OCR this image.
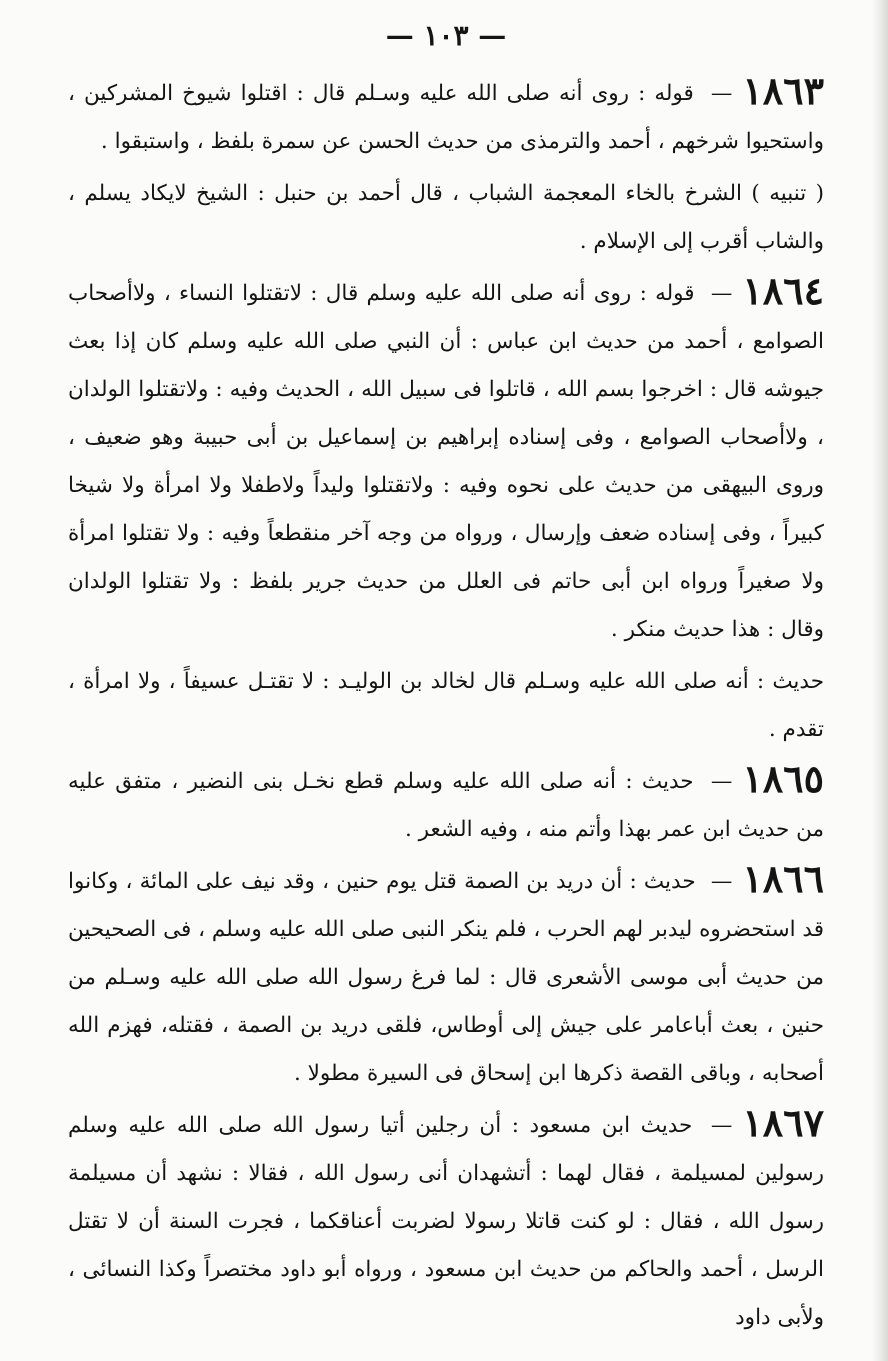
— ١٠٣ —

١٨٦٣— قوله : روى أنه صلى الله عليه وسـلم قال : اقتلوا شيوخ المشركين ، واستحيوا شرخهم ، أحمد والترمذى من حديث الحسن عن سمرة بلفظ ، واستبقوا .

( تنبيه ) الشرخ بالخاء المعجمة الشباب ، قال أحمد بن حنبل : الشيخ لايكاد يسلم ، والشاب أقرب إلى الإسلام .

١٨٦٤— قوله : روى أنه صلى الله عليه وسلم قال : لاتقتلوا النساء ، ولاأصحاب الصوامع ، أحمد من حديث ابن عباس : أن النبي صلى الله عليه وسلم كان إذا بعث جيوشه قال : اخرجوا بسم الله ، قاتلوا فى سبيل الله ، الحديث وفيه : ولاتقتلوا الولدان ، ولاأصحاب الصوامع ، وفى إسناده إبراهيم بن إسماعيل بن أبى حبيبة وهو ضعيف ، وروى البيهقى من حديث على نحوه وفيه : ولاتقتلوا وليداً ولاطفلا ولا امرأة ولا شيخا كبيراً ، وفى إسناده ضعف وإرسال ، ورواه من وجه آخر منقطعاً وفيه : ولا تقتلوا امرأة ولا صغيراً ورواه ابن أبى حاتم فى العلل من حديث جرير بلفظ : ولا تقتلوا الولدان وقال : هذا حديث منكر .

حديث : أنه صلى الله عليه وسـلم قال لخالد بن الوليـد : لا تقتـل عسيفاً ، ولا امرأة ، تقدم .

١٨٦٥— حديث : أنه صلى الله عليه وسلم قطع نخـل بنى النضير ، متفق عليه من حديث ابن عمر بهذا وأتم منه ، وفيه الشعر .

١٨٦٦— حديث : أن دريد بن الصمة قتل يوم حنين ، وقد نيف على المائة ، وكانوا قد استحضروه ليدبر لهم الحرب ، فلم ينكر النبى صلى الله عليه وسلم ، فى الصحيحين من حديث أبى موسى الأشعرى قال : لما فرغ رسول الله صلى الله عليه وسـلم من حنين ، بعث أباعامر على جيش إلى أوطاس، فلقى دريد بن الصمة ، فقتله، فهزم الله أصحابه ، وباقى القصة ذكرها ابن إسحاق فى السيرة مطولا .

١٨٦٧— حديث ابن مسعود : أن رجلين أتيا رسول الله صلى الله عليه وسلم رسولين لمسيلمة ، فقال لهما : أتشهدان أنى رسول الله ، فقالا : نشهد أن مسيلمة رسول الله ، فقال : لو كنت قاتلا رسولا لضربت أعناقكما ، فجرت السنة أن لا تقتل الرسل ، أحمد والحاكم من حديث ابن مسعود ، ورواه أبو داود مختصراً وكذا النسائى ، ولأبى داود
